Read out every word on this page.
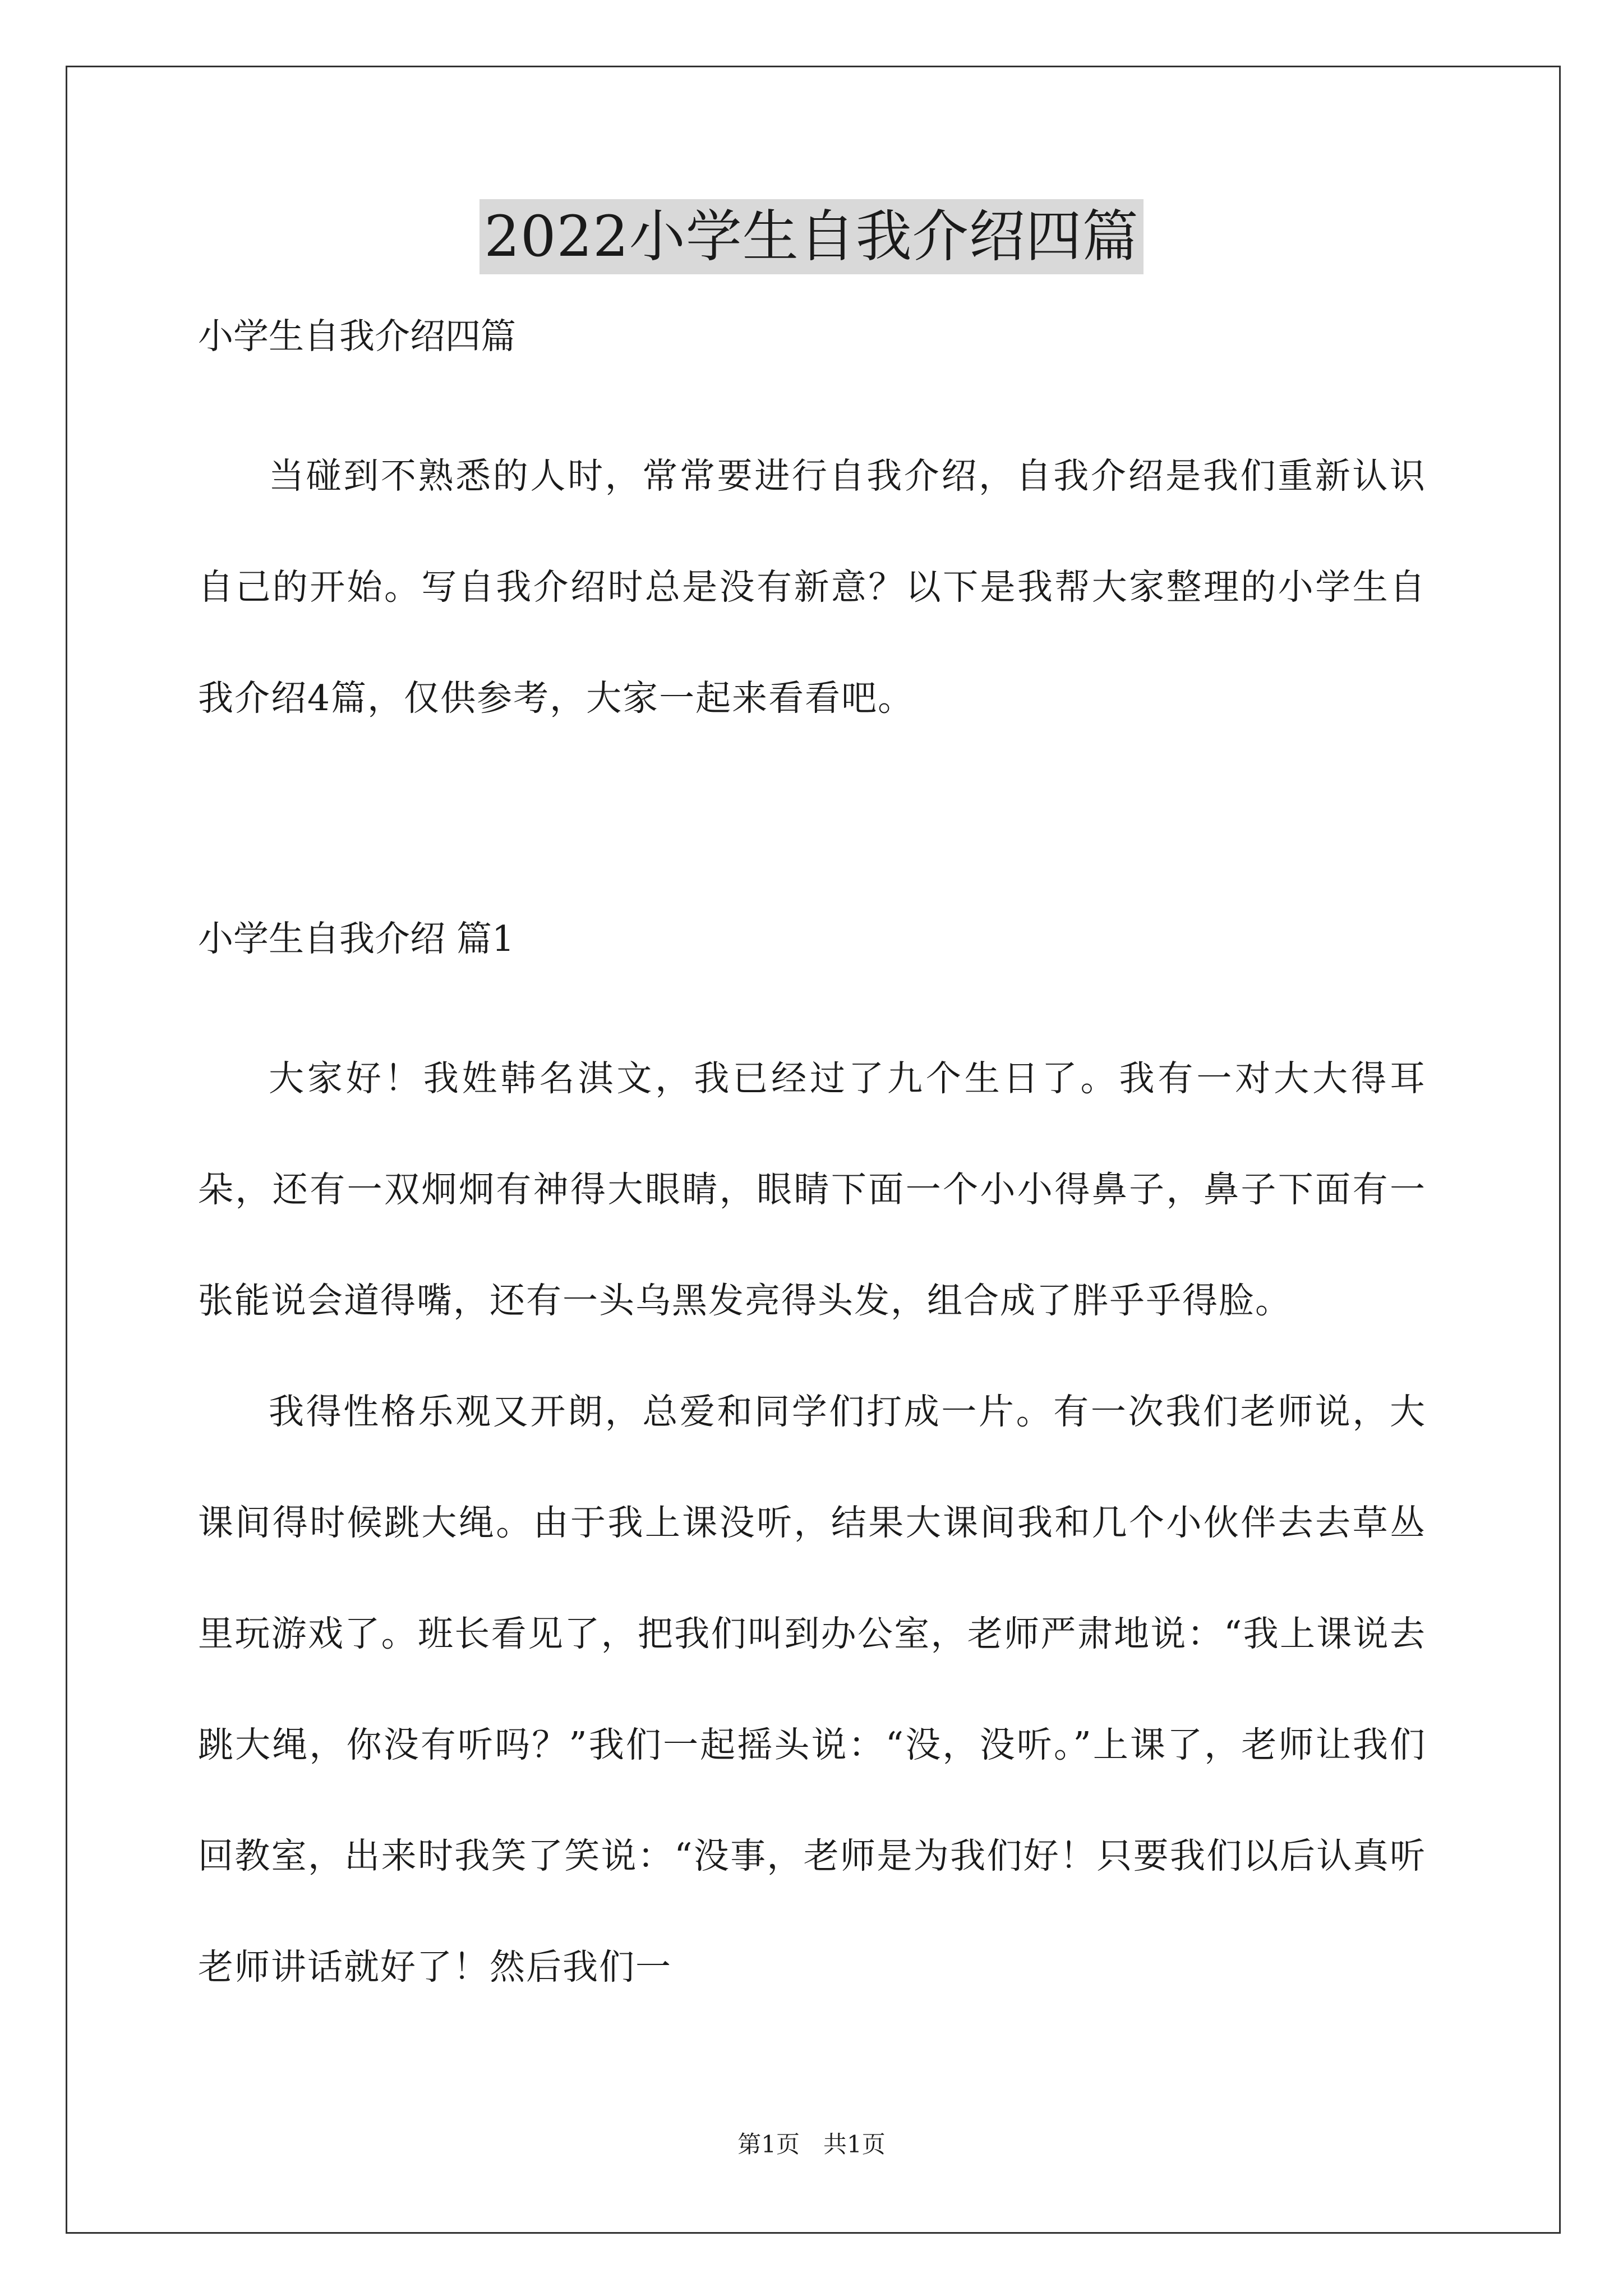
2022小学生自我介绍四篇

小学生自我介绍四篇

当碰到不熟悉的人时，常常要进行自我介绍，自我介绍是我们重新认识自己的开始。写自我介绍时总是没有新意？以下是我帮大家整理的小学生自我介绍4篇，仅供参考，大家一起来看看吧。

小学生自我介绍 篇1

大家好！我姓韩名淇文，我已经过了九个生日了。我有一对大大得耳朵，还有一双炯炯有神得大眼睛，眼睛下面一个小小得鼻子，鼻子下面有一张能说会道得嘴，还有一头乌黑发亮得头发，组合成了胖乎乎得脸。

我得性格乐观又开朗，总爱和同学们打成一片。有一次我们老师说，大课间得时候跳大绳。由于我上课没听，结果大课间我和几个小伙伴去去草丛里玩游戏了。班长看见了，把我们叫到办公室，老师严肃地说：“我上课说去跳大绳，你没有听吗？”我们一起摇头说：“没，没听。”上课了，老师让我们回教室，出来时我笑了笑说：“没事，老师是为我们好！只要我们以后认真听老师讲话就好了！然后我们一

第1页　共1页
